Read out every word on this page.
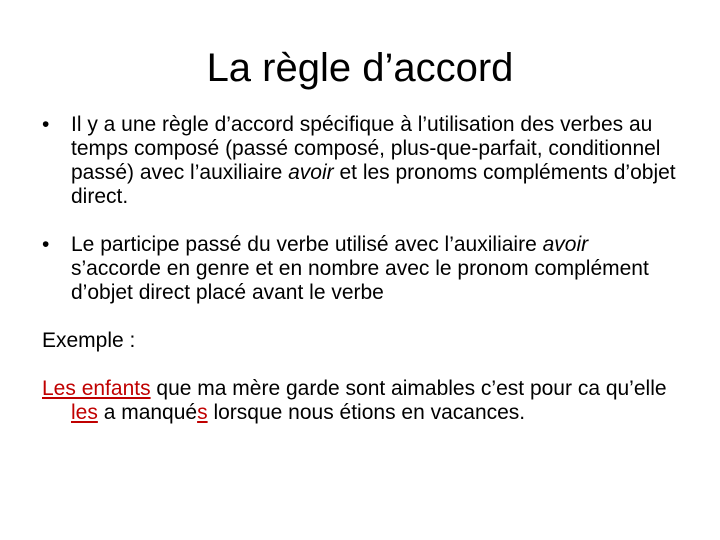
La règle d’accord

•	Il y a une règle d’accord spécifique à l’utilisation des verbes au temps composé (passé composé, plus-que-parfait, conditionnel passé) avec l’auxiliaire avoir et les pronoms compléments d’objet direct.

•	Le participe passé du verbe utilisé avec l’auxiliaire avoir s’accorde en genre et en nombre avec le pronom complément d’objet direct placé avant le verbe

Exemple :

Les enfants que ma mère garde sont aimables c’est pour ca qu’elle les a manqués lorsque nous étions en vacances.
